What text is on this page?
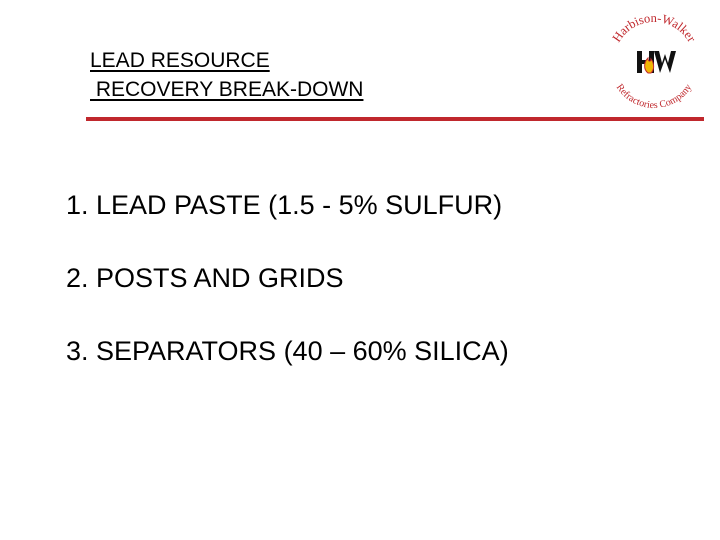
LEAD RESOURCE
RECOVERY BREAK-DOWN
Harbison-Walker
Refractories Company
1. LEAD PASTE (1.5 - 5% SULFUR)
2. POSTS AND GRIDS
3. SEPARATORS (40 – 60% SILICA)
